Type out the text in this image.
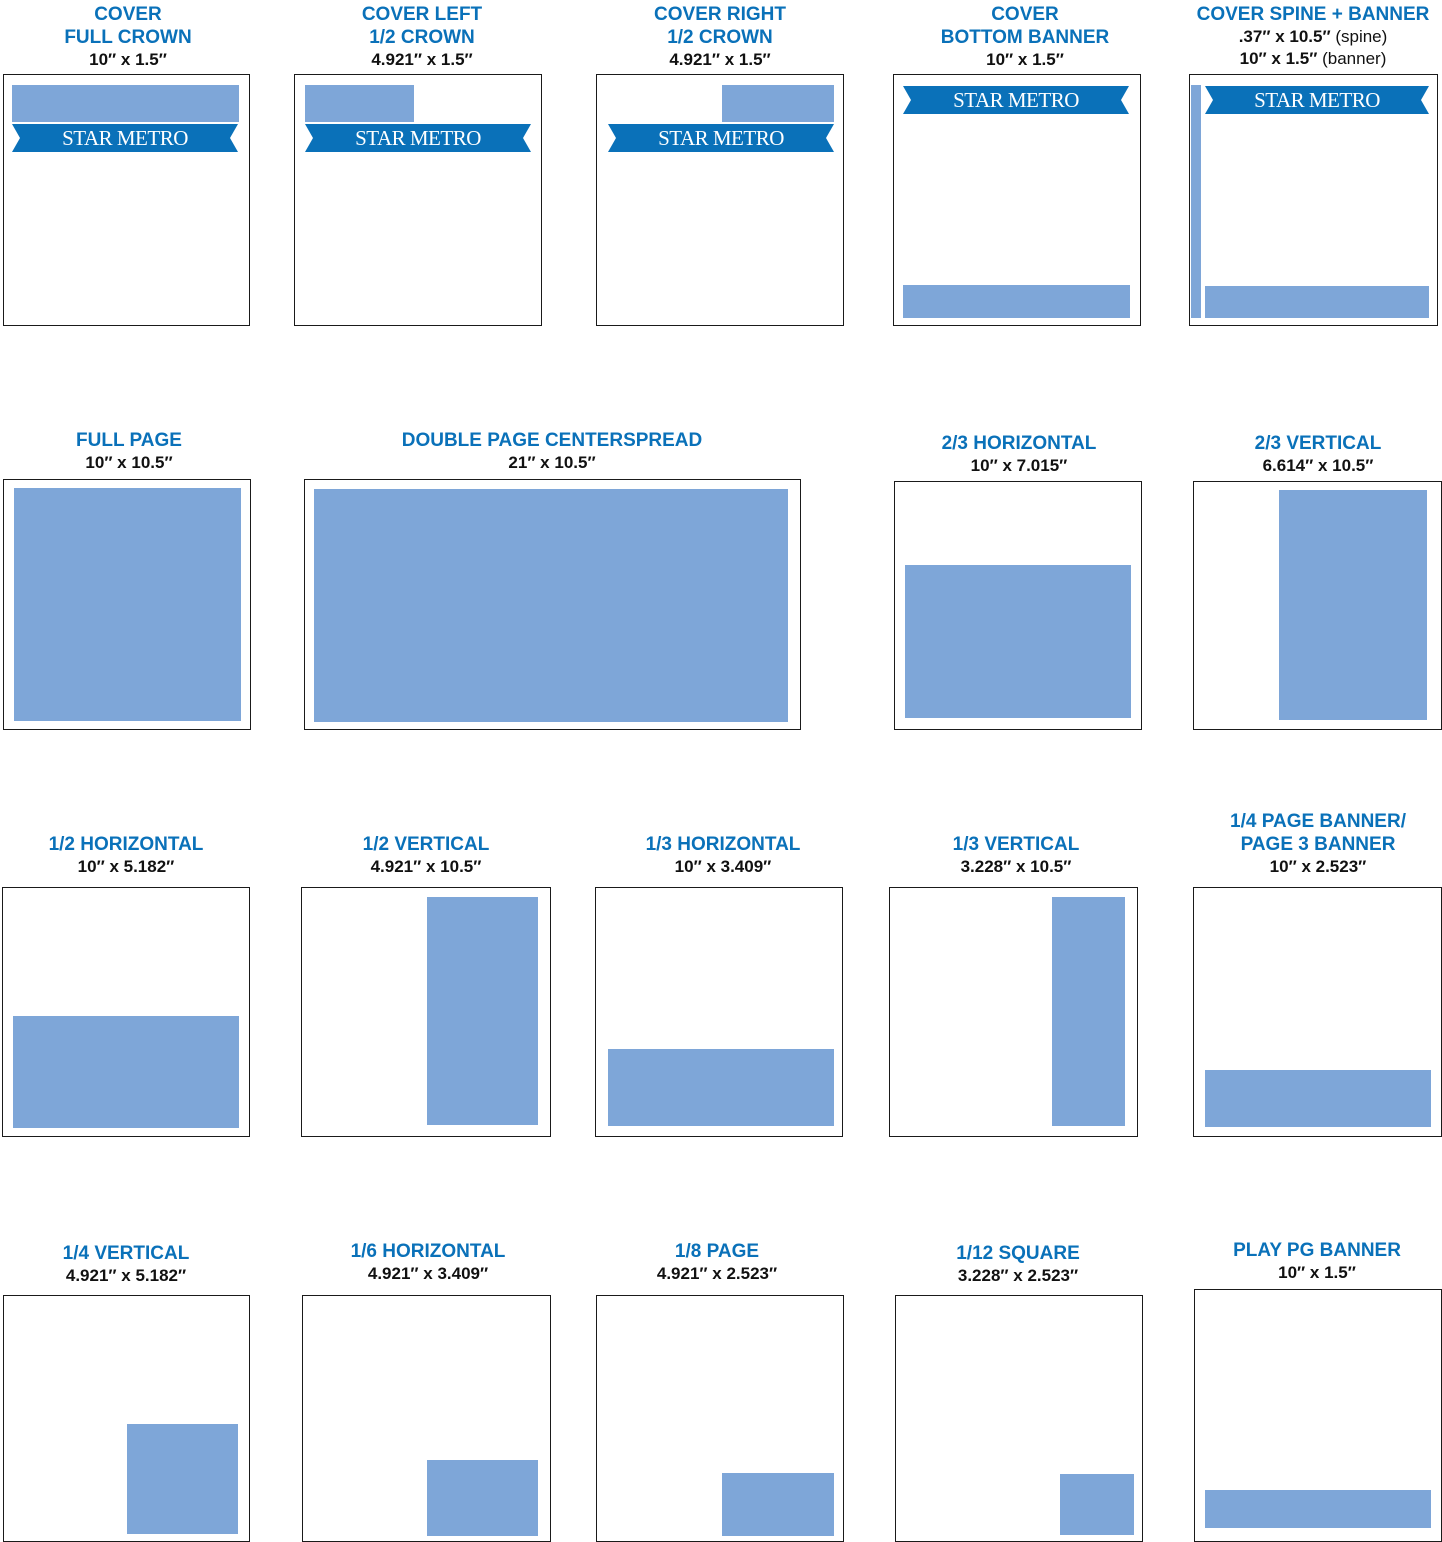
COVER
FULL CROWN
10″ x 1.5″
STAR METRO
COVER LEFT
1/2 CROWN
4.921″ x 1.5″
STAR METRO
COVER RIGHT
1/2 CROWN
4.921″ x 1.5″
STAR METRO
COVER
BOTTOM BANNER
10″ x 1.5″
STAR METRO
COVER SPINE + BANNER
.37″ x 10.5″ (spine)
10″ x 1.5″ (banner)
STAR METRO
FULL PAGE
10″ x 10.5″
DOUBLE PAGE CENTERSPREAD
21″ x 10.5″
2/3 HORIZONTAL
10″ x 7.015″
2/3 VERTICAL
6.614″ x 10.5″
1/2 HORIZONTAL
10″ x 5.182″
1/2 VERTICAL
4.921″ x 10.5″
1/3 HORIZONTAL
10″ x 3.409″
1/3 VERTICAL
3.228″ x 10.5″
1/4 PAGE BANNER/
PAGE 3 BANNER
10″ x 2.523″
1/4 VERTICAL
4.921″ x 5.182″
1/6 HORIZONTAL
4.921″ x 3.409″
1/8 PAGE
4.921″ x 2.523″
1/12 SQUARE
3.228″ x 2.523″
PLAY PG BANNER
10″ x 1.5″
